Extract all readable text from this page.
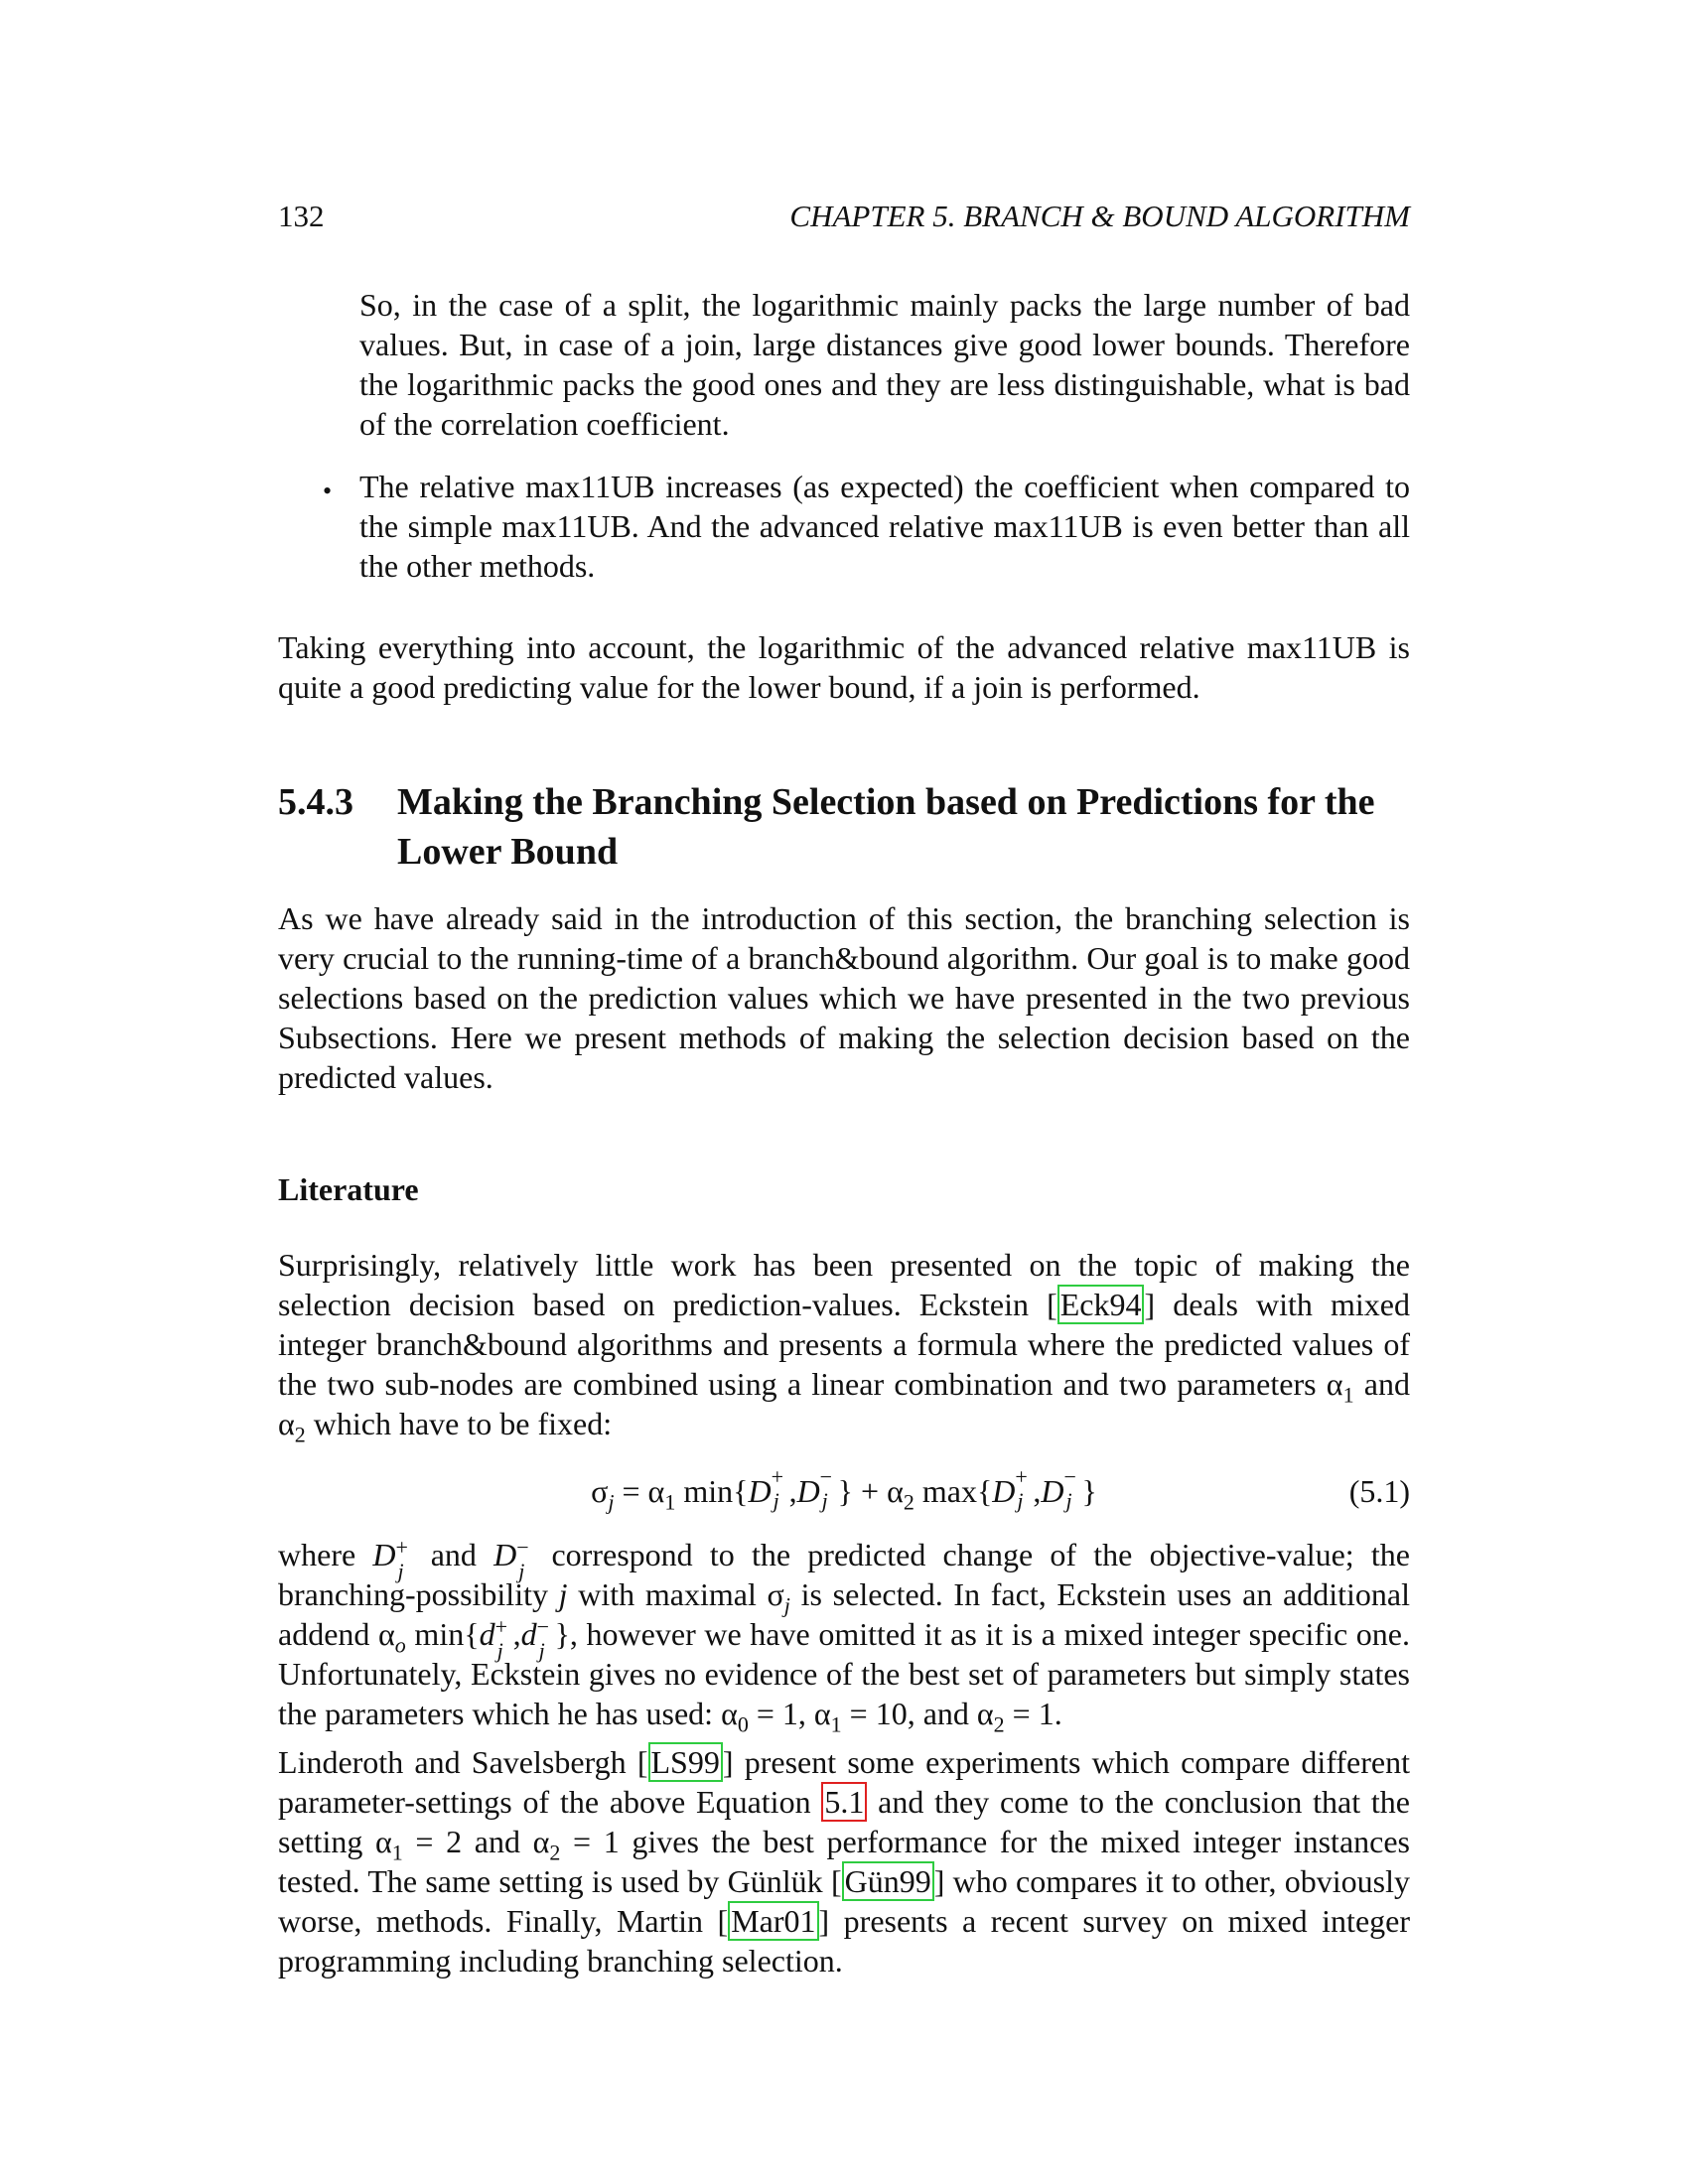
132	CHAPTER 5. BRANCH & BOUND ALGORITHM
So, in the case of a split, the logarithmic mainly packs the large number of bad values. But, in case of a join, large distances give good lower bounds. Therefore the logarithmic packs the good ones and they are less distinguishable, what is bad of the correlation coefficient.
• The relative max11UB increases (as expected) the coefficient when compared to the simple max11UB. And the advanced relative max11UB is even better than all the other methods.
Taking everything into account, the logarithmic of the advanced relative max11UB is quite a good predicting value for the lower bound, if a join is performed.
5.4.3 Making the Branching Selection based on Predictions for the Lower Bound
As we have already said in the introduction of this section, the branching selection is very crucial to the running-time of a branch&bound algorithm. Our goal is to make good selections based on the prediction values which we have presented in the two previous Subsections. Here we present methods of making the selection decision based on the predicted values.
Literature
Surprisingly, relatively little work has been presented on the topic of making the selection decision based on prediction-values. Eckstein [Eck94] deals with mixed integer branch&bound algorithms and presents a formula where the predicted values of the two sub-nodes are combined using a linear combination and two parameters $\alpha_1$ and $\alpha_2$ which have to be fixed:
$\sigma_j = \alpha_1$ min{D +
j ,D −
j } + $\alpha_2$ max{D +
j ,D −
j }	(5.1)
where D +
j and D −
j correspond to the predicted change of the objective-value; the branching-possibility j with maximal $\sigma_j$ is selected. In fact, Eckstein uses an additional addend $\alpha_o$ min{d +
j ,d −
j }, however we have omitted it as it is a mixed integer specific one. Unfortunately, Eckstein gives no evidence of the best set of parameters but simply states the parameters which he has used: $\alpha_0 = 1$, $\alpha_1 = 10$, and $\alpha_2 = 1$.
Linderoth and Savelsbergh [LS99] present some experiments which compare different parameter-settings of the above Equation 5.1 and they come to the conclusion that the setting $\alpha_1 = 2$ and $\alpha_2 = 1$ gives the best performance for the mixed integer instances tested. The same setting is used by Günlük [Gün99] who compares it to other, obviously worse, methods. Finally, Martin [Mar01] presents a recent survey on mixed integer programming including branching selection.
